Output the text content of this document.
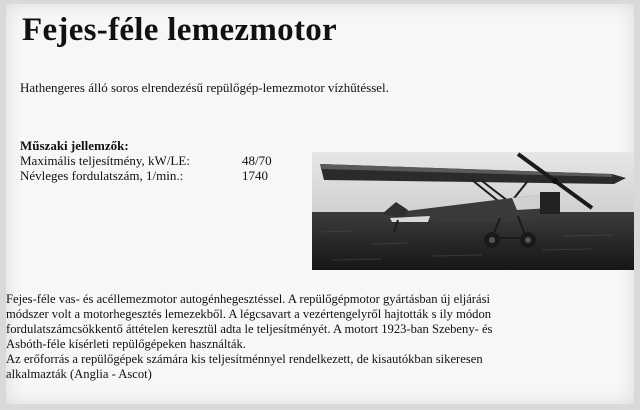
Fejes-féle lemezmotor
Hathengeres álló soros elrendezésű repülőgép-lemezmotor vízhűtéssel.
Műszaki jellemzők:
Maximális teljesítmény, kW/LE:	48/70
Névleges fordulatszám, 1/min.:	1740

Fejes-féle vas- és acéllemezmotor autogénhegesztéssel. A repülőgépmotor gyártásban új eljárási

módszer volt a motorhegesztés lemezekből. A légcsavart a vezértengelyről hajtották s ily módon

fordulatszámcsökkentő áttételen keresztül adta le teljesítményét. A motort 1923-ban Szebeny- és

Asbóth-féle kísérleti repülőgépeken használták.

Az erőforrás a repülőgépek számára kis teljesítménnyel rendelkezett, de kisautókban sikeresen

alkalmazták (Anglia - Ascot)
